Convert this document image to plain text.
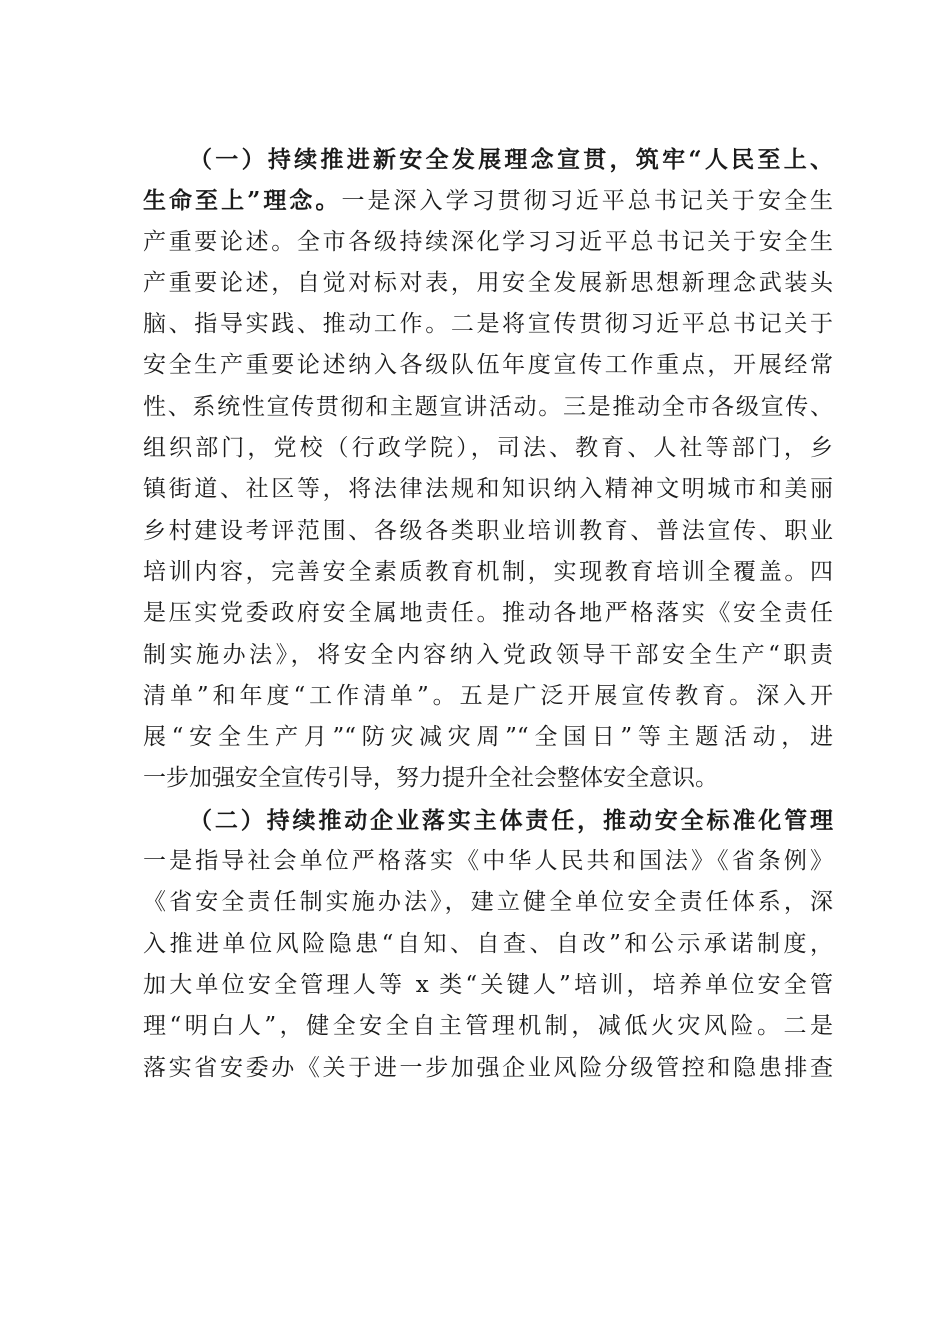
（一）持续推进新安全发展理念宣贯，筑牢“人民至上、
生命至上”理念。一是深入学习贯彻习近平总书记关于安全生
产重要论述。全市各级持续深化学习习近平总书记关于安全生
产重要论述，自觉对标对表，用安全发展新思想新理念武装头
脑、指导实践、推动工作。二是将宣传贯彻习近平总书记关于
安全生产重要论述纳入各级队伍年度宣传工作重点，开展经常
性、系统性宣传贯彻和主题宣讲活动。三是推动全市各级宣传、
组织部门，党校（行政学院），司法、教育、人社等部门，乡
镇街道、社区等，将法律法规和知识纳入精神文明城市和美丽
乡村建设考评范围、各级各类职业培训教育、普法宣传、职业
培训内容，完善安全素质教育机制，实现教育培训全覆盖。四
是压实党委政府安全属地责任。推动各地严格落实《安全责任
制实施办法》，将安全内容纳入党政领导干部安全生产“职责
清单”和年度“工作清单”。五是广泛开展宣传教育。深入开
展“安全生产月”“防灾减灾周”“全国日”等主题活动，进
一步加强安全宣传引导，努力提升全社会整体安全意识。
（二）持续推动企业落实主体责任，推动安全标准化管理
一是指导社会单位严格落实《中华人民共和国法》《省条例》
《省安全责任制实施办法》，建立健全单位安全责任体系，深
入推进单位风险隐患“自知、自查、自改”和公示承诺制度，
加大单位安全管理人等 x 类“关键人”培训，培养单位安全管
理“明白人”，健全安全自主管理机制，减低火灾风险。二是
落实省安委办《关于进一步加强企业风险分级管控和隐患排查
